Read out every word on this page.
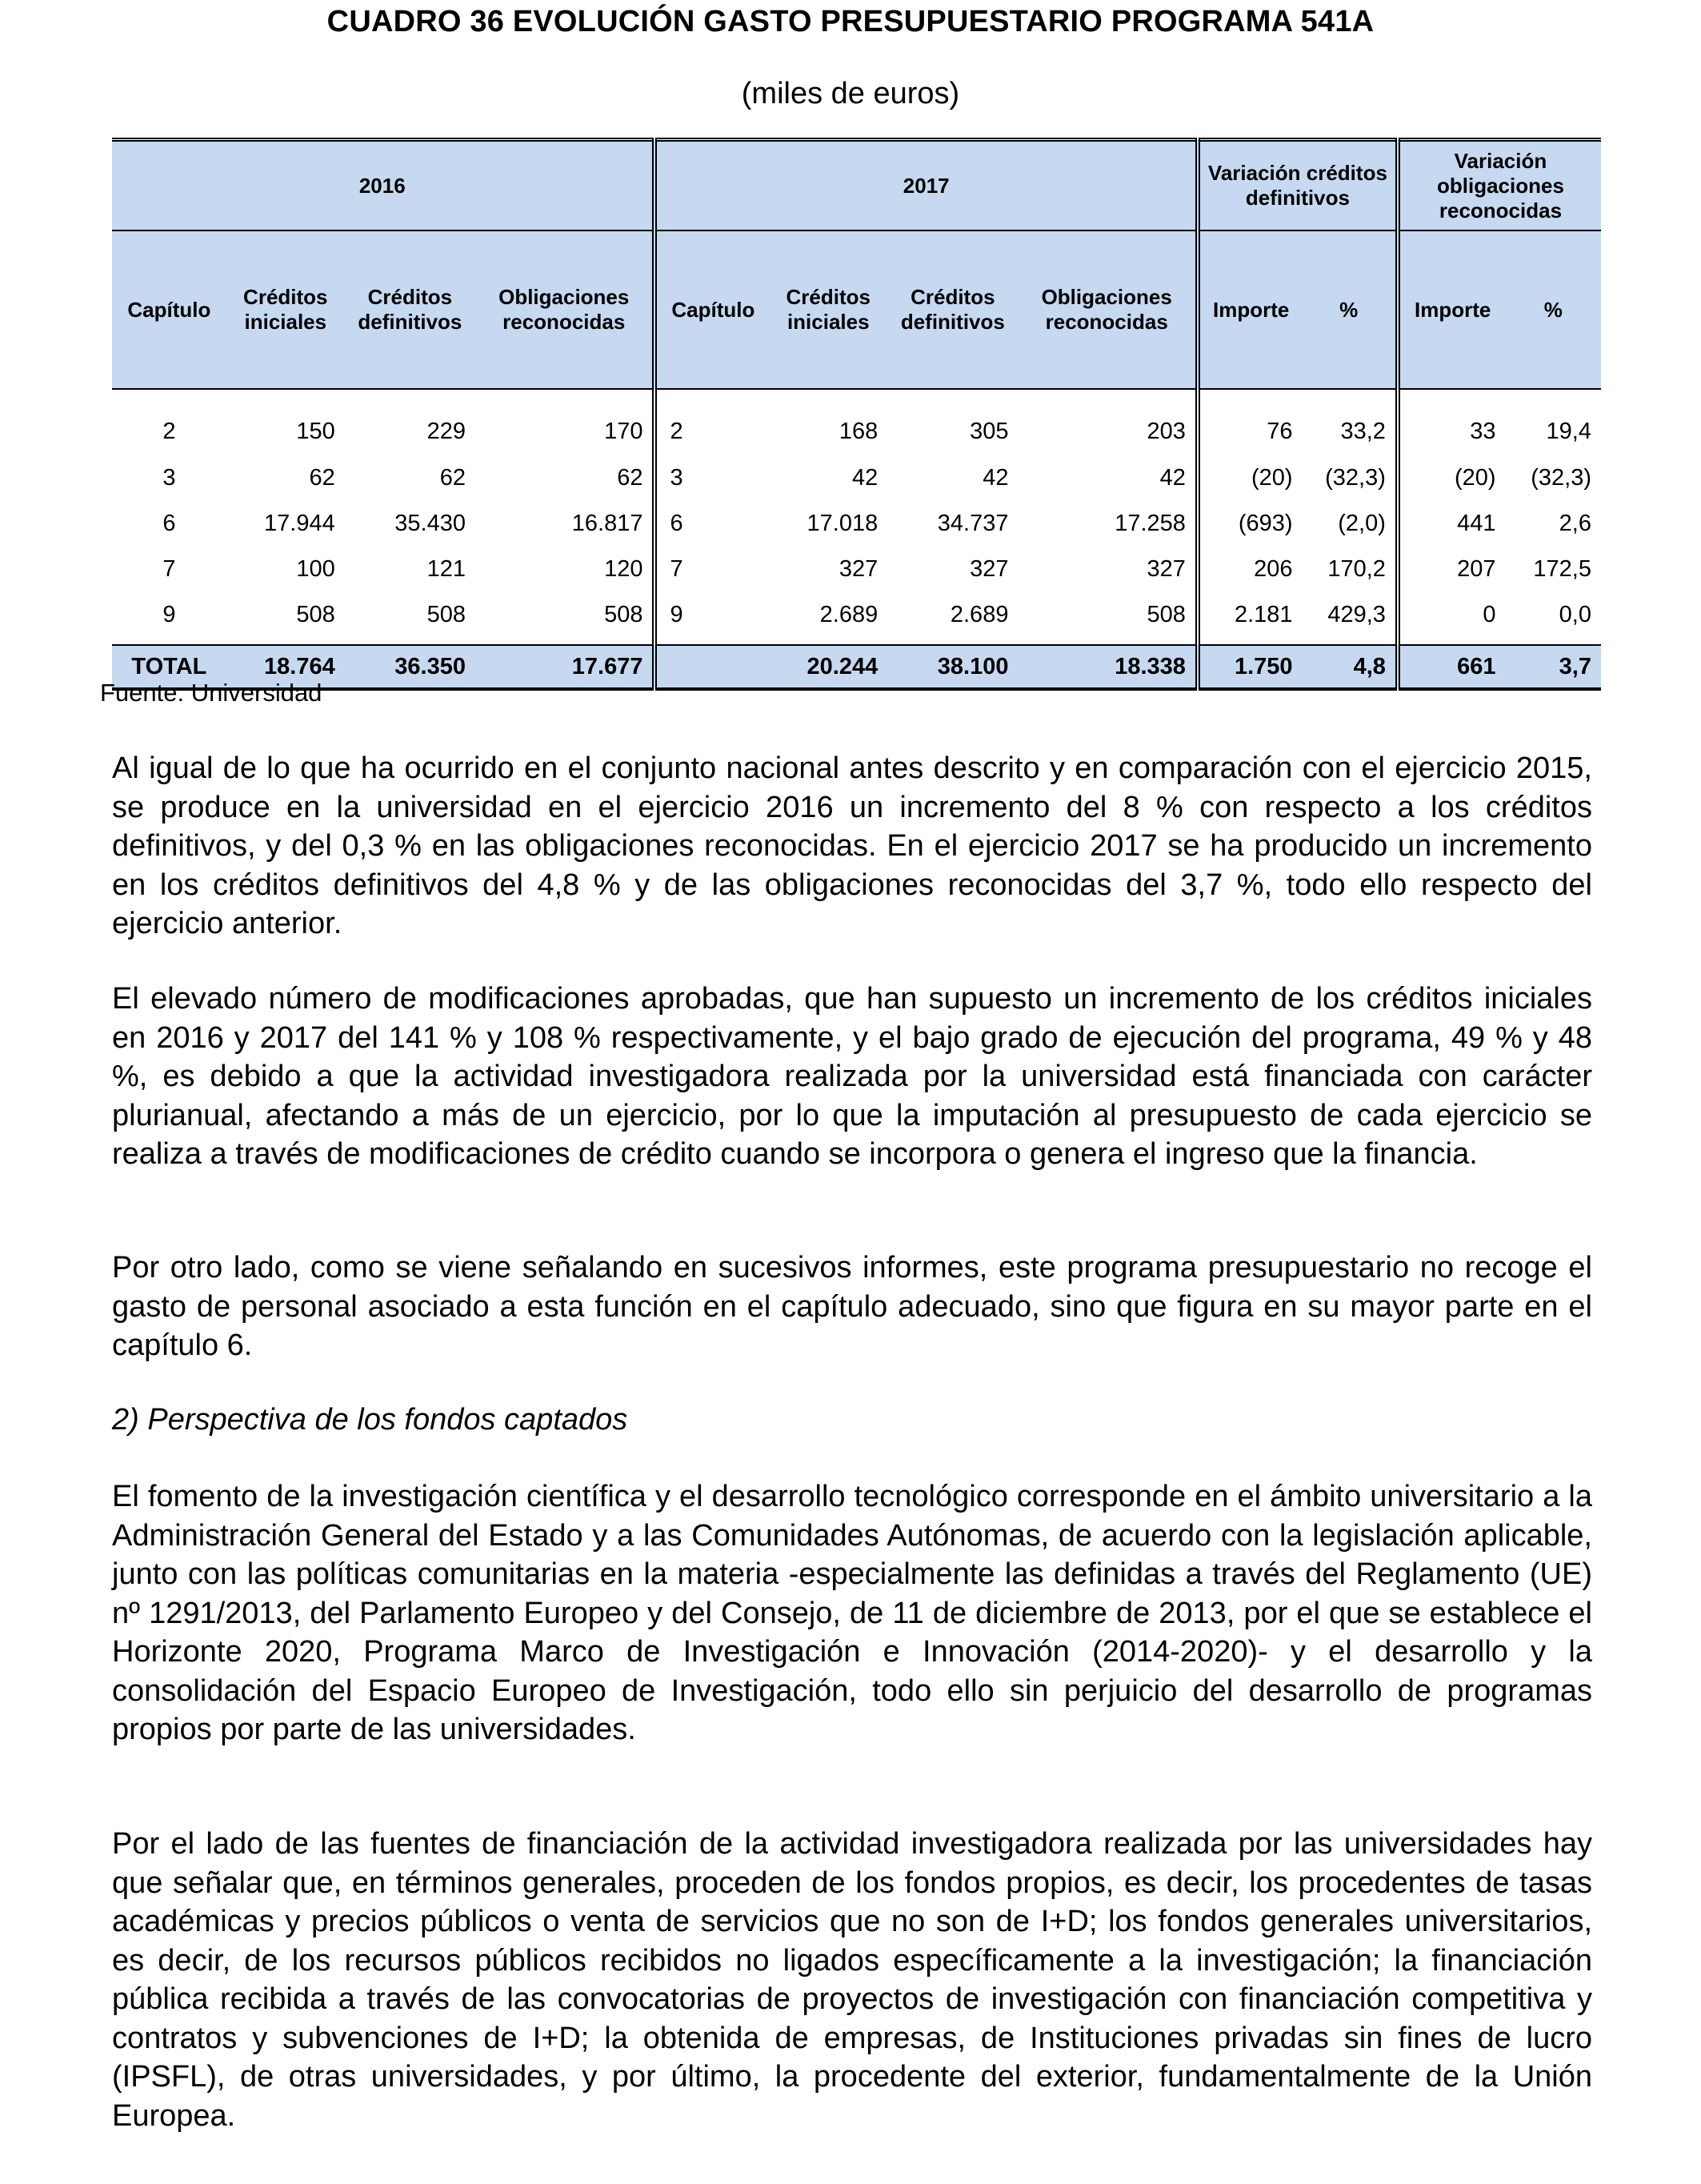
CUADRO 36 EVOLUCIÓN GASTO PRESUPUESTARIO PROGRAMA 541A
(miles de euros)
2016				2017				Variación créditos definitivos		Variación obligaciones reconocidas	
Capítulo	Créditos iniciales	Créditos definitivos	Obligaciones reconocidas	Capítulo	Créditos iniciales	Créditos definitivos	Obligaciones reconocidas	Importe	%	Importe	%
2	150	229	170	2	168	305	203	76	33,2	33	19,4
3	62	62	62	3	42	42	42	(20)	(32,3)	(20)	(32,3)
6	17.944	35.430	16.817	6	17.018	34.737	17.258	(693)	(2,0)	441	2,6
7	100	121	120	7	327	327	327	206	170,2	207	172,5
9	508	508	508	9	2.689	2.689	508	2.181	429,3	0	0,0
TOTAL	18.764	36.350	17.677		20.244	38.100	18.338	1.750	4,8	661	3,7
Fuente: Universidad
Al igual de lo que ha ocurrido en el conjunto nacional antes descrito y en comparación con el ejercicio 2015, se produce en la universidad en el ejercicio 2016 un incremento del 8 % con respecto a los créditos definitivos, y del 0,3 % en las obligaciones reconocidas. En el ejercicio 2017 se ha producido un incremento en los créditos definitivos del 4,8 % y de las obligaciones reconocidas del 3,7 %, todo ello respecto del ejercicio anterior.
El elevado número de modificaciones aprobadas, que han supuesto un incremento de los créditos iniciales en 2016 y 2017 del 141 % y 108 % respectivamente, y el bajo grado de ejecución del programa, 49 % y 48 %, es debido a que la actividad investigadora realizada por la universidad está financiada con carácter plurianual, afectando a más de un ejercicio, por lo que la imputación al presupuesto de cada ejercicio se realiza a través de modificaciones de crédito cuando se incorpora o genera el ingreso que la financia.
Por otro lado, como se viene señalando en sucesivos informes, este programa presupuestario no recoge el gasto de personal asociado a esta función en el capítulo adecuado, sino que figura en su mayor parte en el capítulo 6.
2) Perspectiva de los fondos captados
El fomento de la investigación científica y el desarrollo tecnológico corresponde en el ámbito universitario a la Administración General del Estado y a las Comunidades Autónomas, de acuerdo con la legislación aplicable, junto con las políticas comunitarias en la materia -especialmente las definidas a través del Reglamento (UE) nº 1291/2013, del Parlamento Europeo y del Consejo, de 11 de diciembre de 2013, por el que se establece el Horizonte 2020, Programa Marco de Investigación e Innovación (2014-2020)- y el desarrollo y la consolidación del Espacio Europeo de Investigación, todo ello sin perjuicio del desarrollo de programas propios por parte de las universidades.
Por el lado de las fuentes de financiación de la actividad investigadora realizada por las universidades hay que señalar que, en términos generales, proceden de los fondos propios, es decir, los procedentes de tasas académicas y precios públicos o venta de servicios que no son de I+D; los fondos generales universitarios, es decir, de los recursos públicos recibidos no ligados específicamente a la investigación; la financiación pública recibida a través de las convocatorias de proyectos de investigación con financiación competitiva y contratos y subvenciones de I+D; la obtenida de empresas, de Instituciones privadas sin fines de lucro (IPSFL), de otras universidades, y por último, la procedente del exterior, fundamentalmente de la Unión Europea.
